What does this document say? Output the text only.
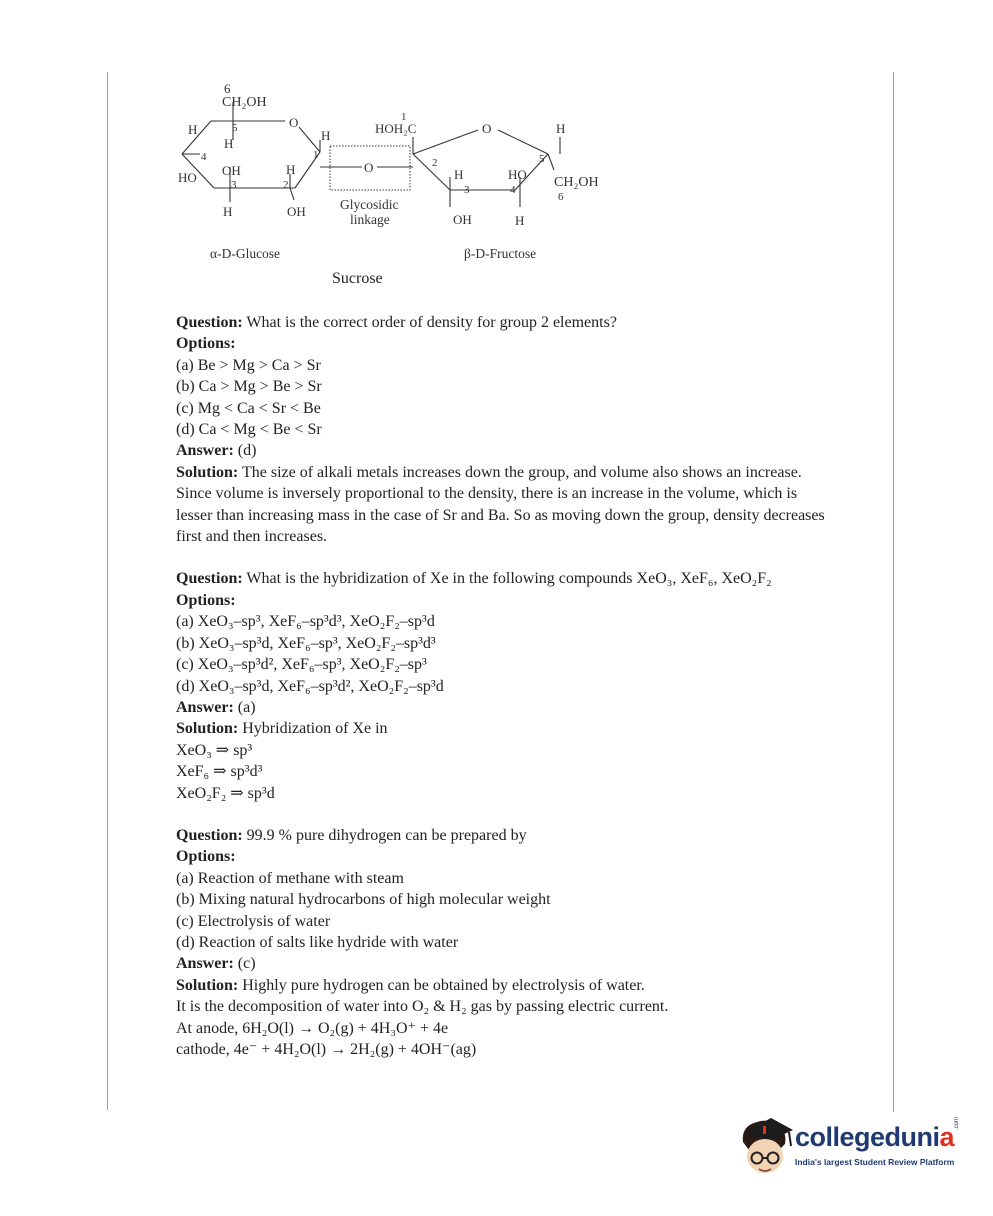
6
CH₂OH
H	5
H
4
OH
HO	3
H
2
H	OH
O
H
1
O
1
HOH₂C	O	H
2
H
3
HO
4
5
CH₂OH
6
OH	H
Glycosidic
linkage
α-D-Glucose	β-D-Fructose
Sucrose
Question: What is the correct order of density for group 2 elements?
Options:
(a) Be > Mg > Ca > Sr
(b) Ca > Mg > Be > Sr
(c) Mg < Ca < Sr < Be
(d) Ca < Mg < Be < Sr
Answer: (d)
Solution: The size of alkali metals increases down the group, and volume also shows an increase. Since volume is inversely proportional to the density, there is an increase in the volume, which is lesser than increasing mass in the case of Sr and Ba. So as moving down the group, density decreases first and then increases.
Question: What is the hybridization of Xe in the following compounds XeO₃, XeF₆, XeO₂F₂
Options:
(a) XeO₃–sp³, XeF₆–sp³d³, XeO₂F₂–sp³d
(b) XeO₃–sp³d, XeF₆–sp³, XeO₂F₂–sp³d³
(c) XeO₃–sp³d², XeF₆–sp³, XeO₂F₂–sp³
(d) XeO₃–sp³d, XeF₆–sp³d², XeO₂F₂–sp³d
Answer: (a)
Solution: Hybridization of Xe in
XeO₃ ⇒ sp³
XeF₆ ⇒ sp³d³
XeO₂F₂ ⇒ sp³d
Question: 99.9 % pure dihydrogen can be prepared by
Options:
(a) Reaction of methane with steam
(b) Mixing natural hydrocarbons of high molecular weight
(c) Electrolysis of water
(d) Reaction of salts like hydride with water
Answer: (c)
Solution: Highly pure hydrogen can be obtained by electrolysis of water.
It is the decomposition of water into O₂ & H₂ gas by passing electric current.
At anode, 6H₂O(l) → O₂(g) + 4H₃O⁺ + 4e
cathode, 4e⁻ + 4H₂O(l) → 2H₂(g) + 4OH⁻(ag)
collegedunia .com
India's largest Student Review Platform
